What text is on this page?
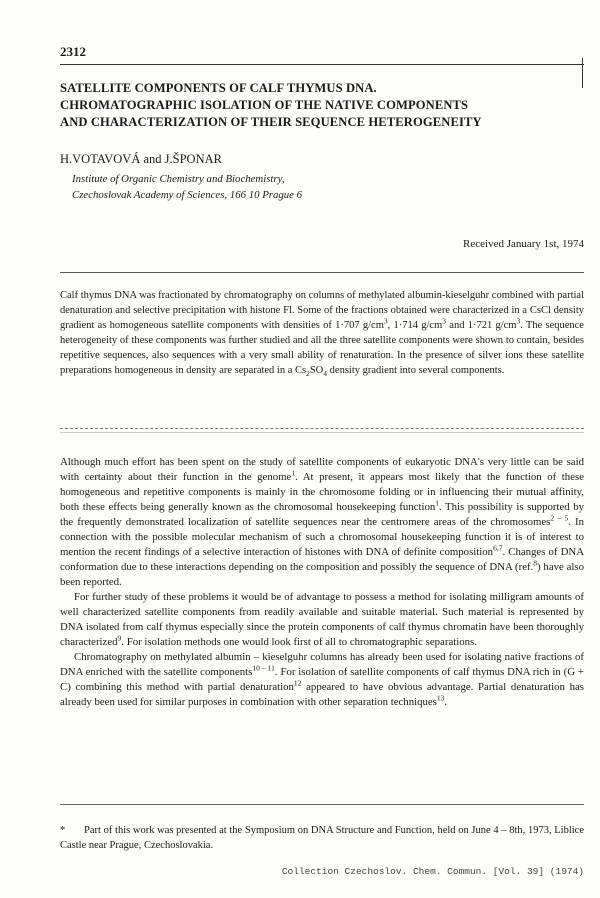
2312
SATELLITE COMPONENTS OF CALF THYMUS DNA.
CHROMATOGRAPHIC ISOLATION OF THE NATIVE COMPONENTS
AND CHARACTERIZATION OF THEIR SEQUENCE HETEROGENEITY
H.VOTAVOVÁ and J.ŠPONAR
Institute of Organic Chemistry and Biochemistry,
Czechoslovak Academy of Sciences, 166 10 Prague 6
Received January 1st, 1974
Calf thymus DNA was fractionated by chromatography on columns of methylated albumin-kieselguhr combined with partial denaturation and selective precipitation with histone Fl. Some of the fractions obtained were characterized in a CsCl density gradient as homogeneous satellite components with densities of 1·707 $g/cm^3$, 1·714 $g/cm^3$ and 1·721 $g/cm^3$. The sequence heterogeneity of these components was further studied and all the three satellite components were shown to contain, besides repetitive sequences, also sequences with a very small ability of renaturation. In the presence of silver ions these satellite preparations homogeneous in density are separated in a $Cs_2SO_4$ density gradient into several components.

Although much effort has been spent on the study of satellite components of eukaryotic DNA's very little can be said with certainty about their function in the genome$^1$. At present, it appears most likely that the function of these homogeneous and repetitive components is mainly in the chromosome folding or in influencing their mutual affinity, both these effects being generally known as the chromosomal housekeeping function$^1$. This possibility is supported by the frequently demonstrated localization of satellite sequences near the centromere areas of the chromosomes$^{2 - 5}$. In connection with the possible molecular mechanism of such a chromosomal housekeeping function it is of interest to mention the recent findings of a selective interaction of histones with DNA of definite composition$^{6,7}$. Changes of DNA conformation due to these interactions depending on the composition and possibly the sequence of DNA (ref.$^8$) have also been reported.

For further study of these problems it would be of advantage to possess a method for isolating milligram amounts of well characterized satellite components from readily available and suitable material. Such material is represented by DNA isolated from calf thymus especially since the protein components of calf thymus chromatin have been thoroughly characterized$^9$. For isolation methods one would look first of all to chromatographic separations.

Chromatography on methylated albumin – kieselguhr columns has already been used for isolating native fractions of DNA enriched with the satellite components$^{10 - 11}$. For isolation of satellite components of calf thymus DNA rich in (G + C) combining this method with partial denaturation$^{12}$ appeared to have obvious advantage. Partial denaturation has already been used for similar purposes in combination with other separation techniques$^{13}$.

* Part of this work was presented at the Symposium on DNA Structure and Function, held on June 4 – 8th, 1973, Liblice Castle near Prague, Czechoslovakia.
Collection Czechoslov. Chem. Commun. [Vol. 39] (1974)
